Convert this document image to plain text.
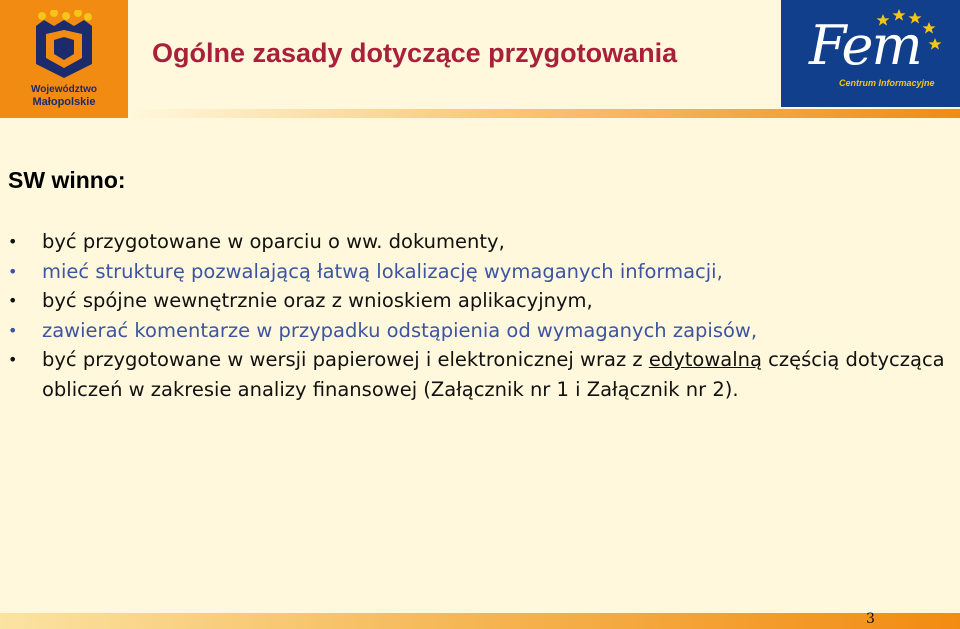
Województwo
Małopolskie
Ogólne zasady dotyczące przygotowania Fem
Centrum Informacyjne
SW winno:
• być przygotowane w oparciu o ww. dokumenty,
• mieć strukturę pozwalającą łatwą lokalizację wymaganych informacji,
• być spójne wewnętrznie oraz z wnioskiem aplikacyjnym,
• zawierać komentarze w przypadku odstąpienia od wymaganych zapisów,
• być przygotowane w wersji papierowej i elektronicznej wraz z edytowalną częścią dotycząca obliczeń w zakresie analizy finansowej (Załącznik nr 1 i Załącznik nr 2).
3
